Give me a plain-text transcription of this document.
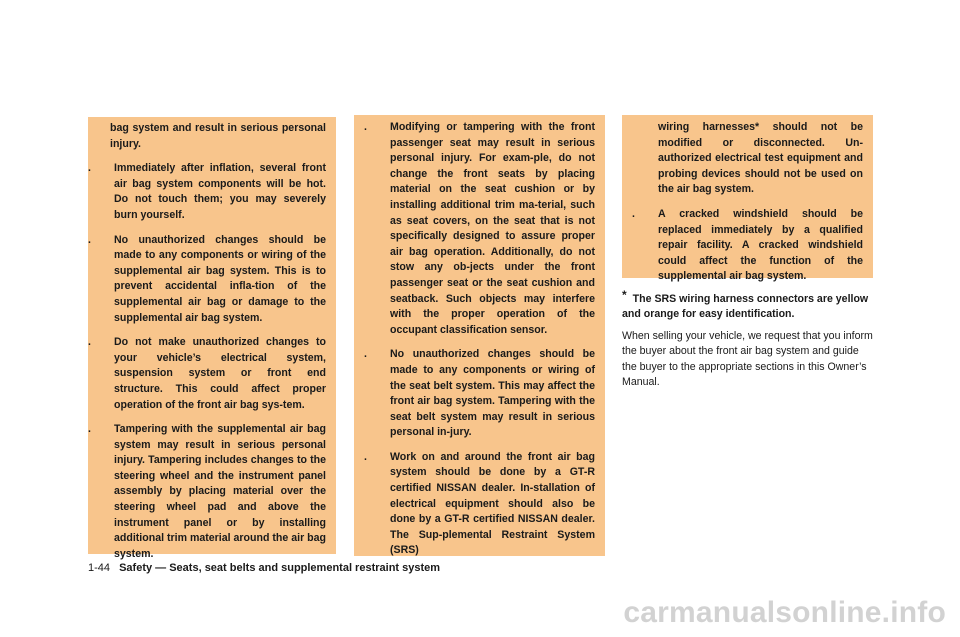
bag system and result in serious personal injury.

. Immediately after inflation, several front air bag system components will be hot. Do not touch them; you may severely burn yourself.
. No unauthorized changes should be made to any components or wiring of the supplemental air bag system. This is to prevent accidental infla-tion of the supplemental air bag or damage to the supplemental air bag system.
. Do not make unauthorized changes to your vehicle’s electrical system, suspension system or front end structure. This could affect proper operation of the front air bag sys-tem.
. Tampering with the supplemental air bag system may result in serious personal injury. Tampering includes changes to the steering wheel and the instrument panel assembly by placing material over the steering wheel pad and above the instrument panel or by installing additional trim material around the air bag system.
. Modifying or tampering with the front passenger seat may result in serious personal injury. For exam-ple, do not change the front seats by placing material on the seat cushion or by installing additional trim ma-terial, such as seat covers, on the seat that is not specifically designed to assure proper air bag operation. Additionally, do not stow any ob-jects under the front passenger seat or the seat cushion and seatback. Such objects may interfere with the proper operation of the occupant classification sensor.
. No unauthorized changes should be made to any components or wiring of the seat belt system. This may affect the front air bag system. Tampering with the seat belt system may result in serious personal in-jury.
. Work on and around the front air bag system should be done by a GT-R certified NISSAN dealer. In-stallation of electrical equipment should also be done by a GT-R certified NISSAN dealer. The Sup-plemental Restraint System (SRS)

wiring harnesses* should not be modified or disconnected. Un-authorized electrical test equipment and probing devices should not be used on the air bag system.

. A cracked windshield should be replaced immediately by a qualified repair facility. A cracked windshield could affect the function of the supplemental air bag system.

* The SRS wiring harness connectors are yellow and orange for easy identification.

When selling your vehicle, we request that you inform the buyer about the front air bag system and guide the buyer to the appropriate sections in this Owner’s Manual.

1-44 Safety — Seats, seat belts and supplemental restraint system
carmanualsonline.info
